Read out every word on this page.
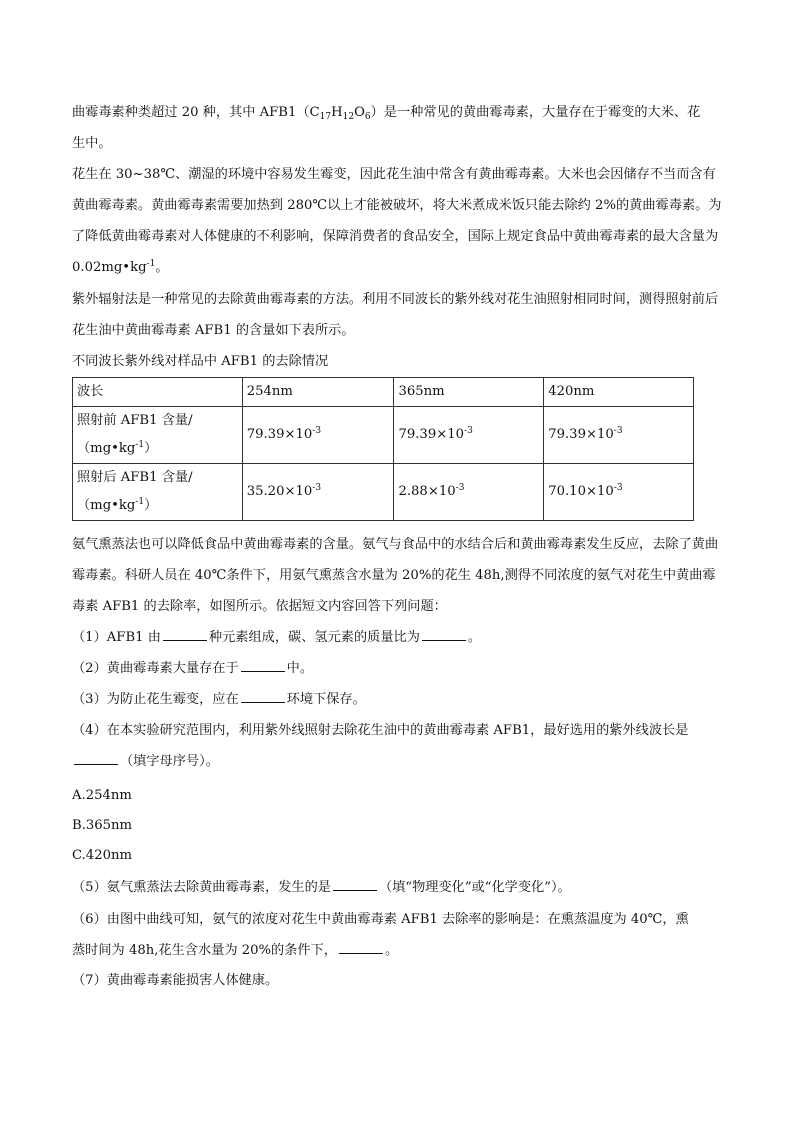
曲霉毒素种类超过 20 种，其中 $AFB1(C_{17}H_{12}O_6)$是一种常见的黄曲霉毒素，大量存在于霉变的大米、花
生中。

花生在 30~38℃、潮湿的环境中容易发生霉变，因此花生油中常含有黄曲霉毒素。大米也会因储存不当而含有黄曲霉毒素。黄曲霉毒素需要加热到 280℃以上才能被破坏，将大米煮成米饭只能去除约 2%的黄曲霉毒素。为了降低黄曲霉毒素对人体健康的不利影响，保障消费者的食品安全，国际上规定食品中黄曲霉毒素的最大含量为 $0.02mg•kg^{-1}$。

紫外辐射法是一种常见的去除黄曲霉毒素的方法。利用不同波长的紫外线对花生油照射相同时间，测得照射前后花生油中黄曲霉毒素 AFB1 的含量如下表所示。

不同波长紫外线对样品中 AFB1 的去除情况

波长	254nm	365nm	420nm

照射前 AFB1 含量/
$(mg•kg^{-1})$	$79.39\times 10^{-3}$	$79.39\times 10^{-3}$	$79.39\times 10^{-3}$

照射后 AFB1 含量/
$(mg•kg^{-1})$	$35.20\times 10^{-3}$	$2.88\times 10^{-3}$	$70.10\times 10^{-3}$

氨气熏蒸法也可以降低食品中黄曲霉毒素的含量。氨气与食品中的水结合后和黄曲霉毒素发生反应，去除了黄曲霉毒素。科研人员在 40℃条件下，用氨气熏蒸含水量为 20%的花生 48h,测得不同浓度的氨气对花生中黄曲霉毒素 AFB1 的去除率，如图所示。依据短文内容回答下列问题：

（1）AFB1 由	种元素组成，碳、氢元素的质量比为	。

（2）黄曲霉毒素大量存在于	中。

（3）为防止花生霉变，应在	环境下保存。

（4）在本实验研究范围内，利用紫外线照射去除花生油中的黄曲霉毒素 AFB1，最好选用的紫外线波长是
（填字母序号）。

A.254nm

B.365nm

C.420nm

（5）氨气熏蒸法去除黄曲霉毒素，发生的是	（填“物理变化”或“化学变化”）。

（6）由图中曲线可知，氨气的浓度对花生中黄曲霉毒素 AFB1 去除率的影响是：在熏蒸温度为 40℃，熏
蒸时间为 48h,花生含水量为 20%的条件下，	。

（7）黄曲霉毒素能损害人体健康。
